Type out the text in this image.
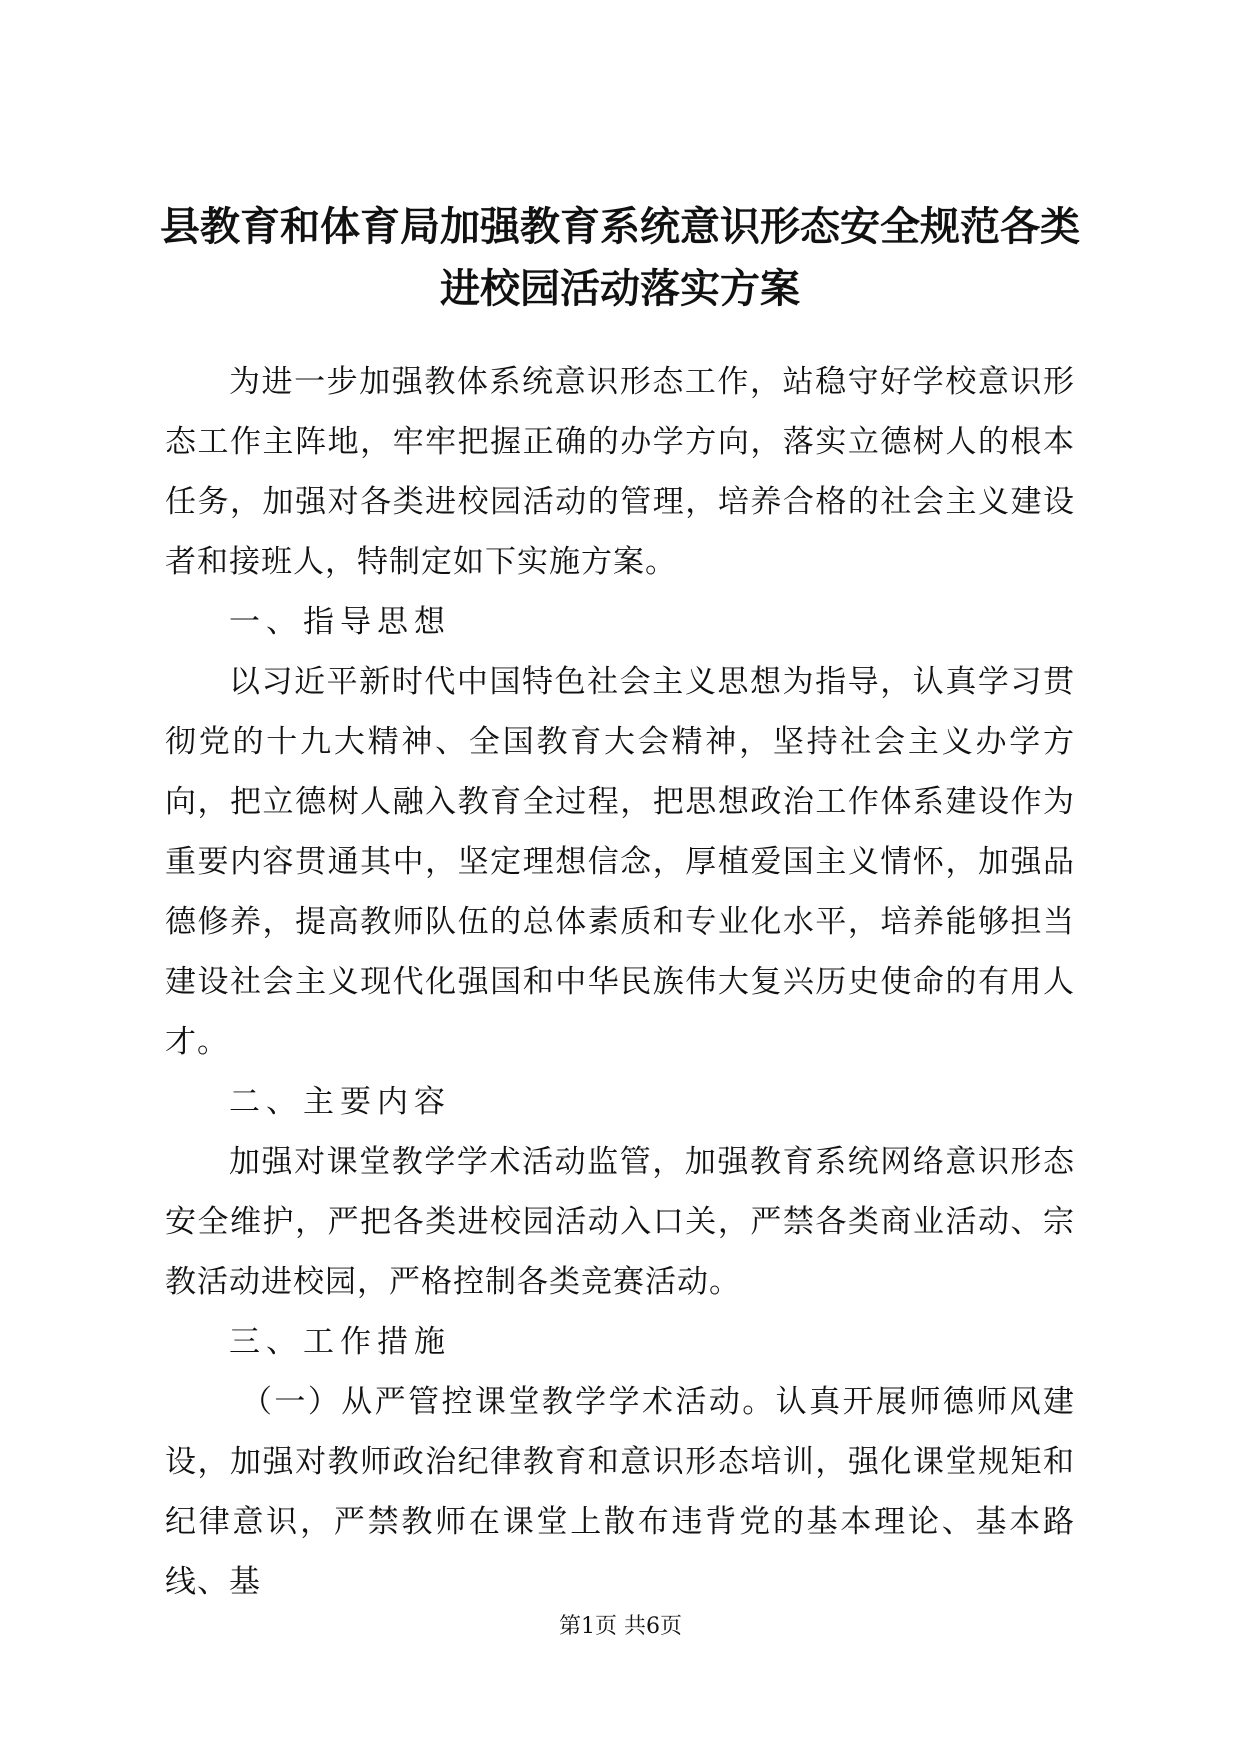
县教育和体育局加强教育系统意识形态安全规范各类进校园活动落实方案

为进一步加强教体系统意识形态工作，站稳守好学校意识形态工作主阵地，牢牢把握正确的办学方向，落实立德树人的根本任务，加强对各类进校园活动的管理，培养合格的社会主义建设者和接班人，特制定如下实施方案。

一、指导思想

以习近平新时代中国特色社会主义思想为指导，认真学习贯彻党的十九大精神、全国教育大会精神，坚持社会主义办学方向，把立德树人融入教育全过程，把思想政治工作体系建设作为重要内容贯通其中，坚定理想信念，厚植爱国主义情怀，加强品德修养，提高教师队伍的总体素质和专业化水平，培养能够担当建设社会主义现代化强国和中华民族伟大复兴历史使命的有用人才。

二、主要内容

加强对课堂教学学术活动监管，加强教育系统网络意识形态安全维护，严把各类进校园活动入口关，严禁各类商业活动、宗教活动进校园，严格控制各类竞赛活动。

三、工作措施

（一）从严管控课堂教学学术活动。认真开展师德师风建设，加强对教师政治纪律教育和意识形态培训，强化课堂规矩和纪律意识，严禁教师在课堂上散布违背党的基本理论、基本路线、基

第1页 共6页
